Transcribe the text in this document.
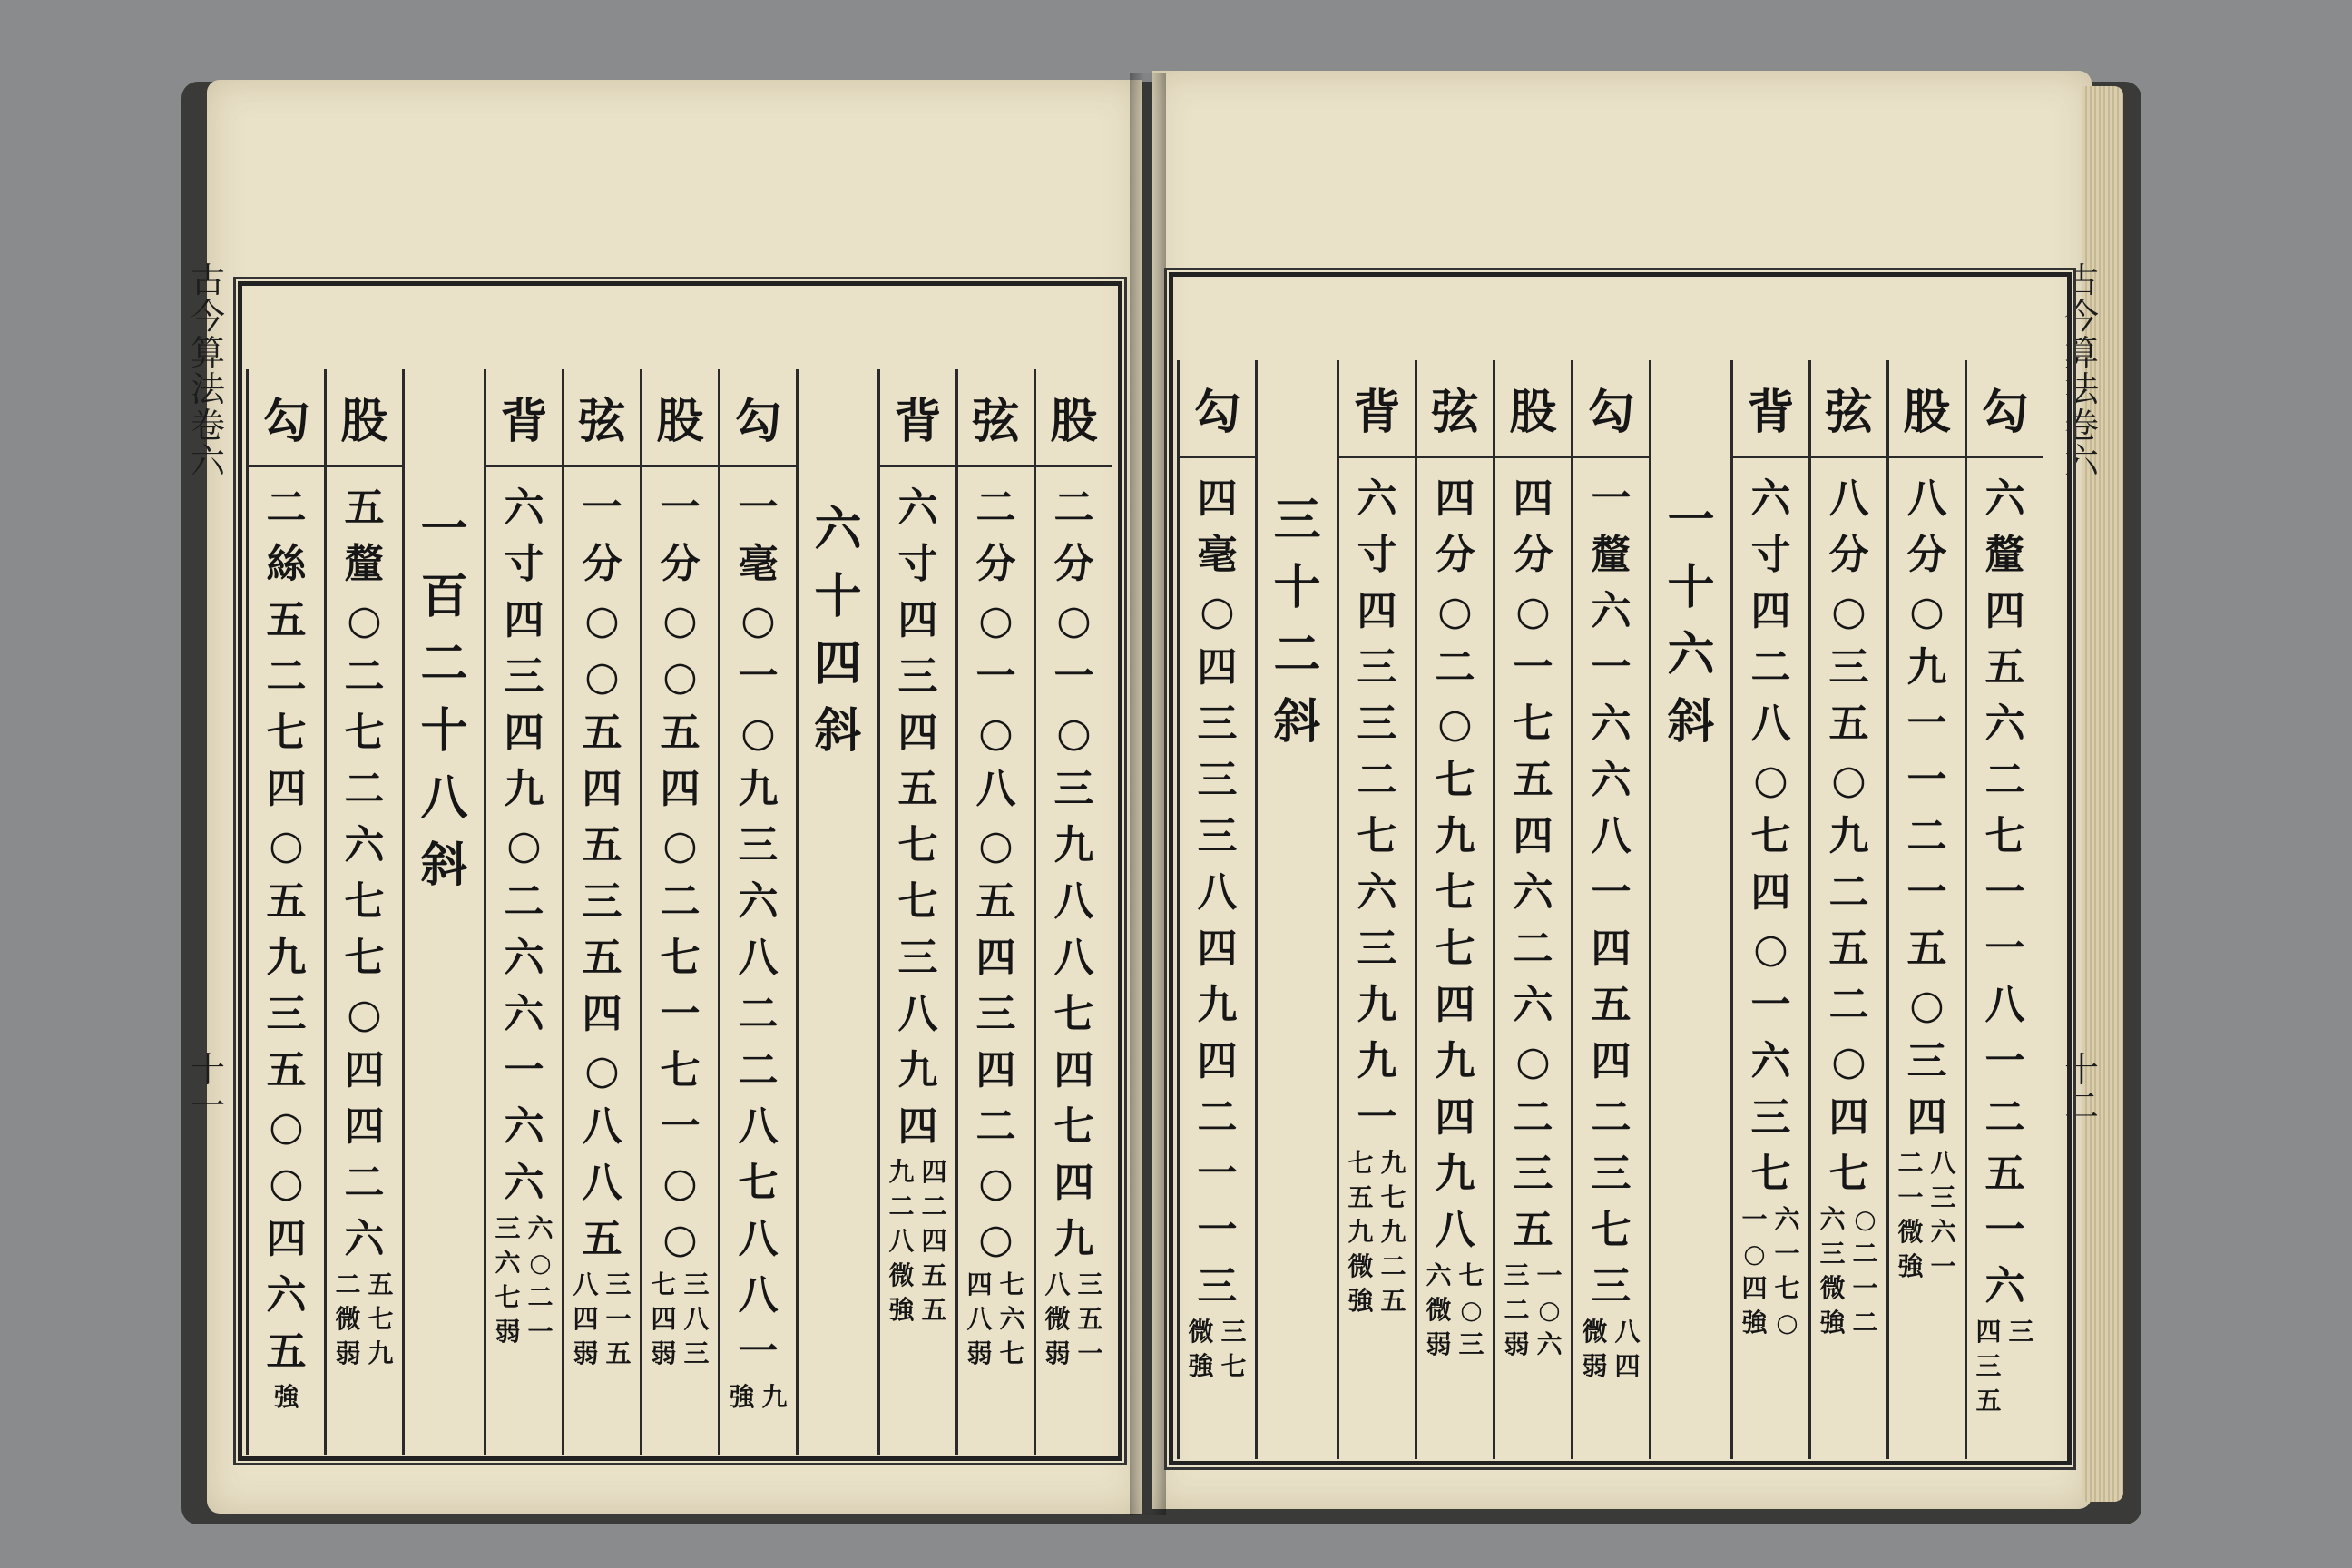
古
今
算
法
卷
六
十
一
古
今
算
法
卷
六
十
二
勾
二
絲
五
二
七
四
○
五
九
三
五
○
○
四
六
五
強
股
五
釐
○
二
七
二
六
七
七
○
四
四
二
六
二
微
弱
五
七
九
一
百
二
十
八
斜
背
六
寸
四
三
四
九
○
二
六
六
一
六
六
三
六
七
弱
六
○
二
一
弦
一
分
○
○
五
四
五
三
五
四
○
八
八
五
八
四
弱
三
一
五
股
一
分
○
○
五
四
○
二
七
一
七
一
○
○
七
四
弱
三
八
三
勾
一
毫
○
一
○
九
三
六
八
二
二
八
七
八
八
一
強 九
六
十
四
斜
背
六
寸
四
三
四
五
七
七
三
八
九
四
九
二
八
微
強
四
二
四
五
五
弦
二
分
○
一
○
八
○
五
四
三
四
二
○
○
四
八
弱
七
六
七
股
二
分
○
一
○
三
九
八
八
七
四
七
四
九
八
微
弱
三
五
一
勾
四
毫
○
四
三
三
三
八
四
九
四
二
一
一
三
微
強
三
七
三
十
二
斜
背
六
寸
四
三
三
二
七
六
三
九
九
一
七
五
九
微
強
九
七
九
二
五
弦
四
分
○
二
○
七
九
七
七
四
九
四
九
八
六
微
弱
七
○
三
股
四
分
○
一
七
五
四
六
二
六
○
二
三
五
三
二
弱
一
○
六
勾
一
釐
六
一
六
六
八
一
四
五
四
二
三
七
三
微
弱
八
四
一
十
六
斜
背
六
寸
四
二
八
○
七
四
○
一
六
三
七
一
○
四
強
六
一
七
○
弦
八
分
○
三
五
○
九
二
五
二
○
四
七
六
三
微
強
○
二
一
二
股
八
分
○
九
一
一
二
一
五
○
三
四
二
一
微
強
八
三
六
一
勾
六
釐
四
五
六
二
七
一
一
八
一
二
五
一
六
四
三
五
三
